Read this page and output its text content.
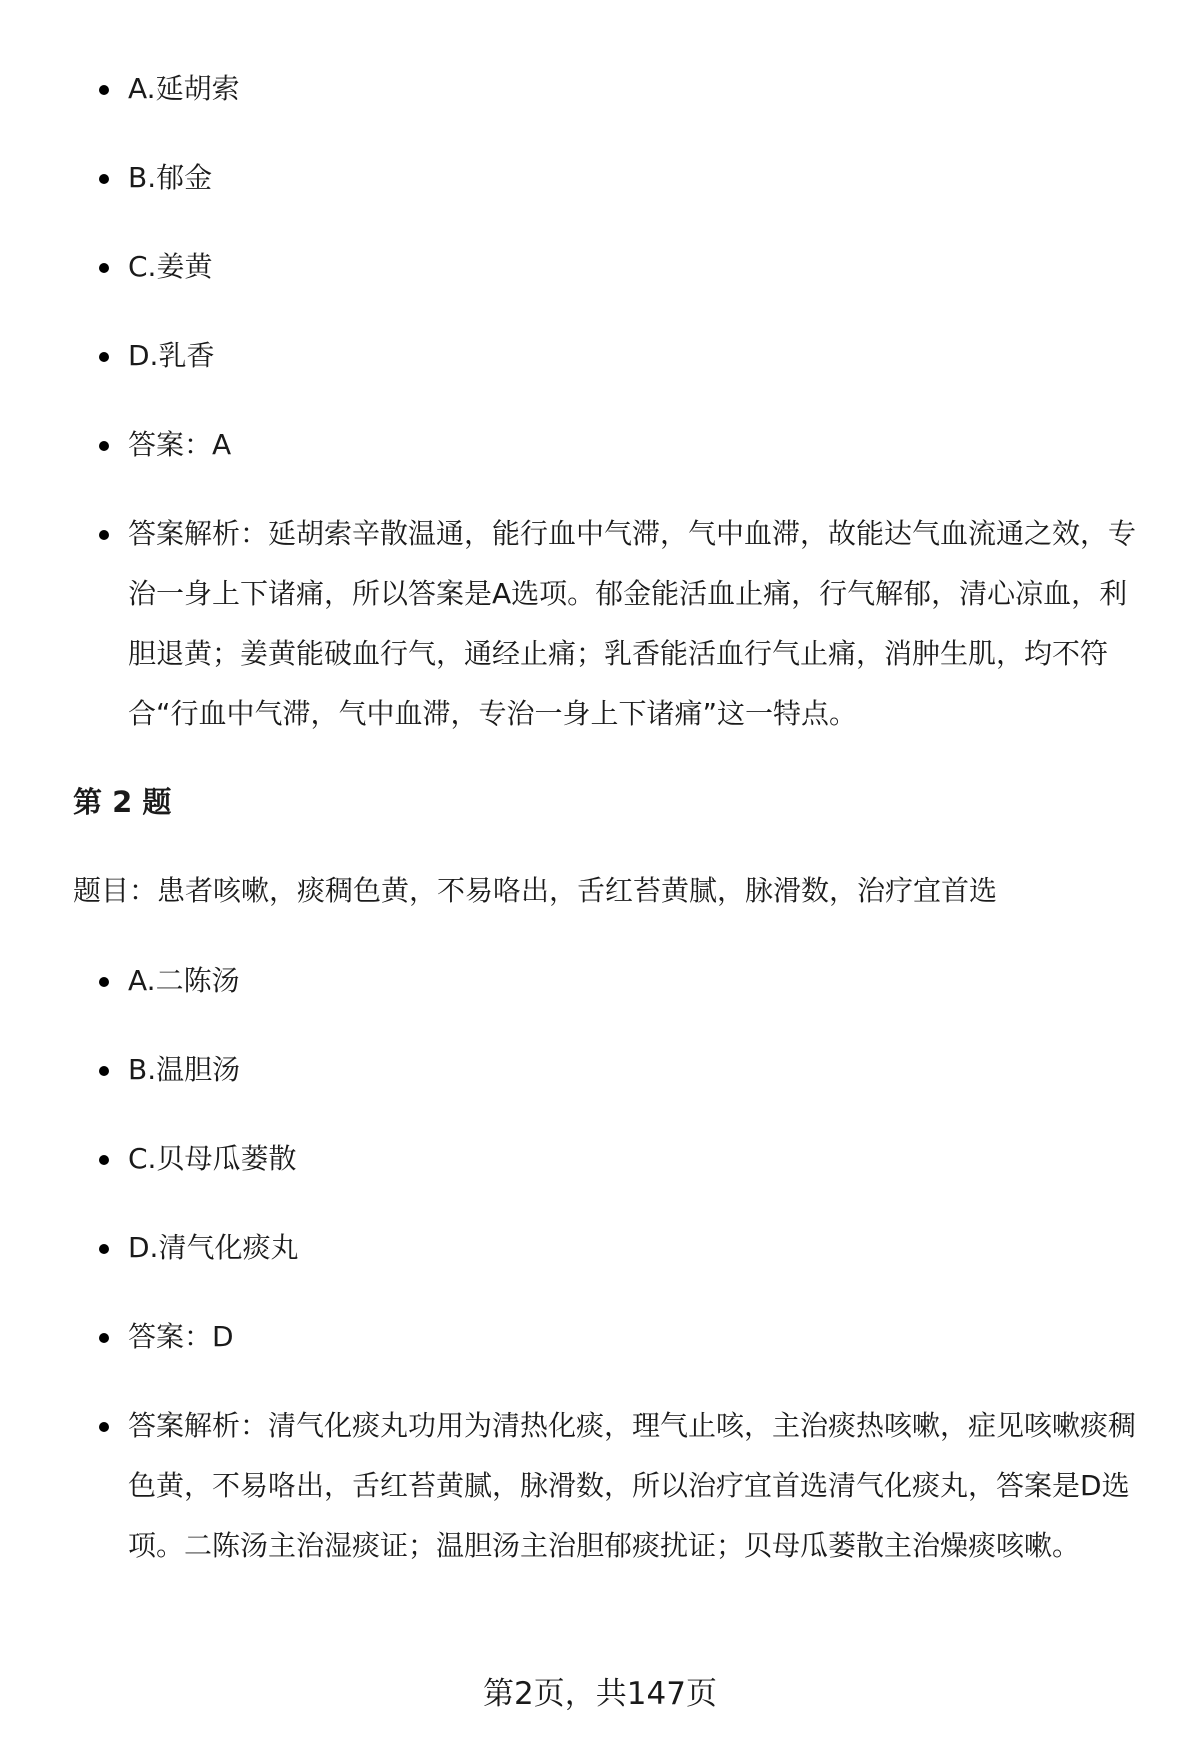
A.延胡索
B.郁金
C.姜黄
D.乳香
答案：A
答案解析：延胡索辛散温通，能行血中气滞，气中血滞，故能达气血流通之效，专治一身上下诸痛，所以答案是A选项。郁金能活血止痛，行气解郁，清心凉血，利胆退黄；姜黄能破血行气，通经止痛；乳香能活血行气止痛，消肿生肌，均不符合“行血中气滞，气中血滞，专治一身上下诸痛”这一特点。
第 2 题
题目：患者咳嗽，痰稠色黄，不易咯出，舌红苔黄腻，脉滑数，治疗宜首选
A.二陈汤
B.温胆汤
C.贝母瓜蒌散
D.清气化痰丸
答案：D
答案解析：清气化痰丸功用为清热化痰，理气止咳，主治痰热咳嗽，症见咳嗽痰稠色黄，不易咯出，舌红苔黄腻，脉滑数，所以治疗宜首选清气化痰丸，答案是D选项。二陈汤主治湿痰证；温胆汤主治胆郁痰扰证；贝母瓜蒌散主治燥痰咳嗽。
第2页，共147页
